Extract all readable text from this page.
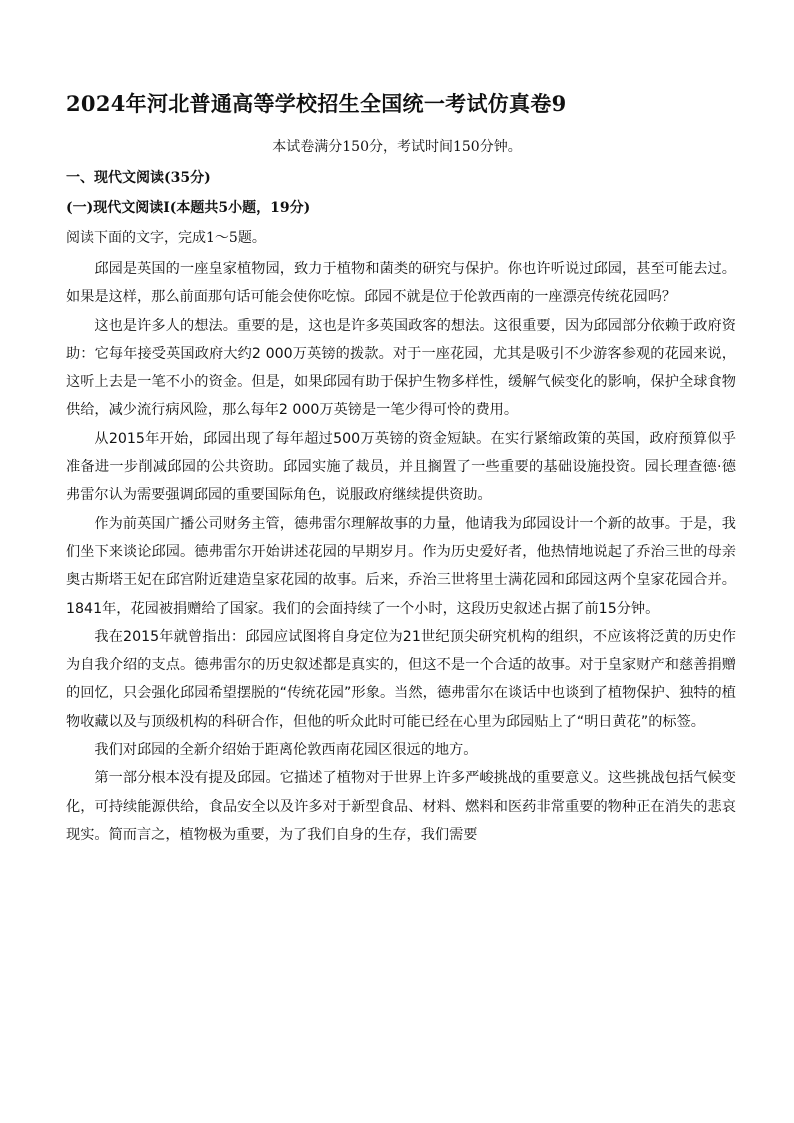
2024年河北普通高等学校招生全国统一考试仿真卷9
本试卷满分150分，考试时间150分钟。
一、现代文阅读(35分)
(一)现代文阅读Ⅰ(本题共5小题，19分)
阅读下面的文字，完成1～5题。

邱园是英国的一座皇家植物园，致力于植物和菌类的研究与保护。你也许听说过邱园，甚至可能去过。如果是这样，那么前面那句话可能会使你吃惊。邱园不就是位于伦敦西南的一座漂亮传统花园吗？

这也是许多人的想法。重要的是，这也是许多英国政客的想法。这很重要，因为邱园部分依赖于政府资助：它每年接受英国政府大约2 000万英镑的拨款。对于一座花园，尤其是吸引不少游客参观的花园来说，这听上去是一笔不小的资金。但是，如果邱园有助于保护生物多样性，缓解气候变化的影响，保护全球食物供给，减少流行病风险，那么每年2 000万英镑是一笔少得可怜的费用。

从2015年开始，邱园出现了每年超过500万英镑的资金短缺。在实行紧缩政策的英国，政府预算似乎准备进一步削减邱园的公共资助。邱园实施了裁员，并且搁置了一些重要的基础设施投资。园长理查德·德弗雷尔认为需要强调邱园的重要国际角色，说服政府继续提供资助。

作为前英国广播公司财务主管，德弗雷尔理解故事的力量，他请我为邱园设计一个新的故事。于是，我们坐下来谈论邱园。德弗雷尔开始讲述花园的早期岁月。作为历史爱好者，他热情地说起了乔治三世的母亲奥古斯塔王妃在邱宫附近建造皇家花园的故事。后来，乔治三世将里士满花园和邱园这两个皇家花园合并。1841年，花园被捐赠给了国家。我们的会面持续了一个小时，这段历史叙述占据了前15分钟。

我在2015年就曾指出：邱园应试图将自身定位为21世纪顶尖研究机构的组织，不应该将泛黄的历史作为自我介绍的支点。德弗雷尔的历史叙述都是真实的，但这不是一个合适的故事。对于皇家财产和慈善捐赠的回忆，只会强化邱园希望摆脱的“传统花园”形象。当然，德弗雷尔在谈话中也谈到了植物保护、独特的植物收藏以及与顶级机构的科研合作，但他的听众此时可能已经在心里为邱园贴上了“明日黄花”的标签。

我们对邱园的全新介绍始于距离伦敦西南花园区很远的地方。

第一部分根本没有提及邱园。它描述了植物对于世界上许多严峻挑战的重要意义。这些挑战包括气候变化，可持续能源供给，食品安全以及许多对于新型食品、材料、燃料和医药非常重要的物种正在消失的悲哀现实。简而言之，植物极为重要，为了我们自身的生存，我们需要
